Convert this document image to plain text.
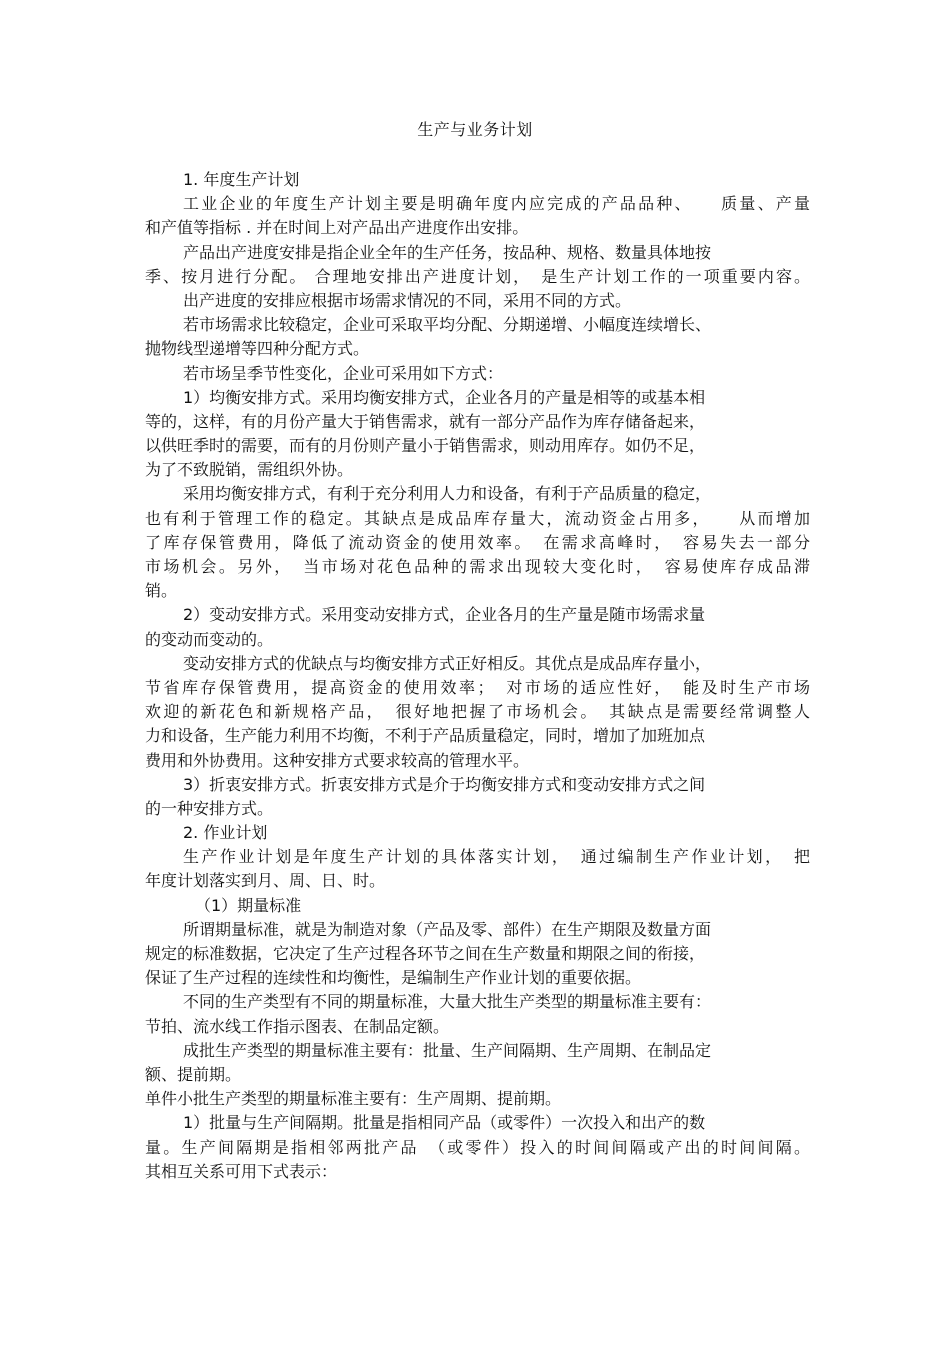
生产与业务计划
1. 年度生产计划
工业企业的年度生产计划主要是明确年度内应完成的产品品种、　　质量、产量
和产值等指标 . 并在时间上对产品出产进度作出安排。
产品出产进度安排是指企业全年的生产任务，按品种、规格、数量具体地按
季、按月进行分配。 合理地安排出产进度计划，　是生产计划工作的一项重要内容。
出产进度的安排应根据市场需求情况的不同，采用不同的方式。
若市场需求比较稳定，企业可采取平均分配、分期递增、小幅度连续增长、
抛物线型递增等四种分配方式。
若市场呈季节性变化，企业可采用如下方式：
1）均衡安排方式。采用均衡安排方式，企业各月的产量是相等的或基本相
等的，这样，有的月份产量大于销售需求，就有一部分产品作为库存储备起来，
以供旺季时的需要，而有的月份则产量小于销售需求，则动用库存。如仍不足，
为了不致脱销，需组织外协。
采用均衡安排方式，有利于充分利用人力和设备，有利于产品质量的稳定，
也有利于管理工作的稳定。其缺点是成品库存量大，流动资金占用多，　　从而增加
了库存保管费用，降低了流动资金的使用效率。　在需求高峰时，　容易失去一部分
市场机会。另外，　当市场对花色品种的需求出现较大变化时，　容易使库存成品滞
销。
2）变动安排方式。采用变动安排方式，企业各月的生产量是随市场需求量
的变动而变动的。
变动安排方式的优缺点与均衡安排方式正好相反。其优点是成品库存量小，
节省库存保管费用，提高资金的使用效率；　对市场的适应性好，　能及时生产市场
欢迎的新花色和新规格产品，　很好地把握了市场机会。　其缺点是需要经常调整人
力和设备，生产能力利用不均衡，不利于产品质量稳定，同时，增加了加班加点
费用和外协费用。这种安排方式要求较高的管理水平。
3）折衷安排方式。折衷安排方式是介于均衡安排方式和变动安排方式之间
的一种安排方式。
2. 作业计划
生产作业计划是年度生产计划的具体落实计划，　通过编制生产作业计划，　把
年度计划落实到月、周、日、时。
（1）期量标准
所谓期量标准，就是为制造对象（产品及零、部件）在生产期限及数量方面
规定的标准数据，它决定了生产过程各环节之间在生产数量和期限之间的衔接，
保证了生产过程的连续性和均衡性，是编制生产作业计划的重要依据。
不同的生产类型有不同的期量标准，大量大批生产类型的期量标准主要有：
节拍、流水线工作指示图表、在制品定额。
成批生产类型的期量标准主要有：批量、生产间隔期、生产周期、在制品定
额、提前期。
单件小批生产类型的期量标准主要有：生产周期、提前期。
1）批量与生产间隔期。批量是指相同产品（或零件）一次投入和出产的数
量。生产间隔期是指相邻两批产品　（或零件）投入的时间间隔或产出的时间间隔。
其相互关系可用下式表示：
